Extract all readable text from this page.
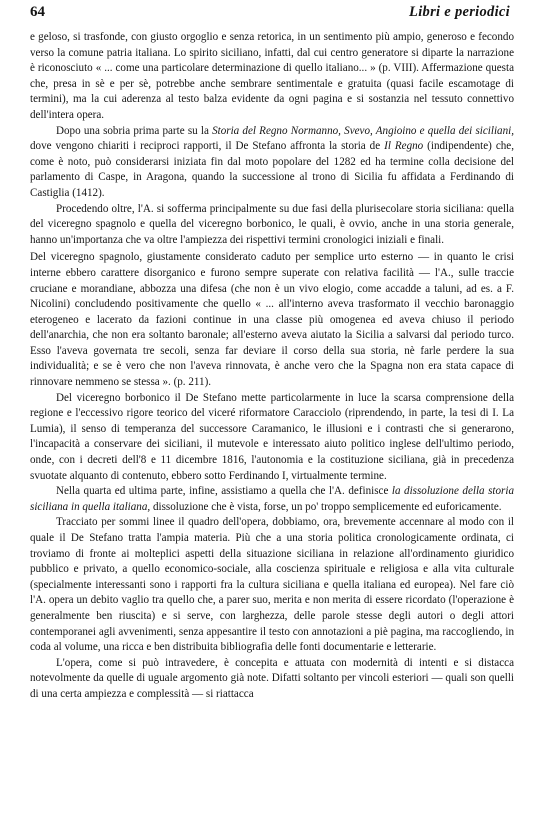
64	Libri e periodici

e geloso, si trasfonde, con giusto orgoglio e senza retorica, in un sentimento più ampio, generoso e fecondo verso la comune patria italiana. Lo spirito siciliano, infatti, dal cui centro generatore si diparte la narrazione è riconosciuto « ... come una particolare determinazione di quello italiano... » (p. VIII). Affermazione questa che, presa in sè e per sè, potrebbe anche sembrare sentimentale e gratuita (quasi facile escamotage di termini), ma la cui aderenza al testo balza evidente da ogni pagina e si sostanzia nel tessuto connettivo dell'intera opera.

Dopo una sobria prima parte su la Storia del Regno Normanno, Svevo, Angioino e quella dei siciliani, dove vengono chiariti i reciproci rapporti, il De Stefano affronta la storia de Il Regno (indipendente) che, come è noto, può considerarsi iniziata fin dal moto popolare del 1282 ed ha termine colla decisione del parlamento di Caspe, in Aragona, quando la successione al trono di Sicilia fu affidata a Ferdinando di Castiglia (1412).

Procedendo oltre, l'A. si sofferma principalmente su due fasi della plurisecolare storia siciliana: quella del viceregno spagnolo e quella del viceregno borbonico, le quali, è ovvio, anche in una storia generale, hanno un'importanza che va oltre l'ampiezza dei rispettivi termini cronologici iniziali e finali.

Del viceregno spagnolo, giustamente considerato caduto per semplice urto esterno — in quanto le crisi interne ebbero carattere disorganico e furono sempre superate con relativa facilità — l'A., sulle traccie cruciane e morandiane, abbozza una difesa (che non è un vivo elogio, come accadde a taluni, ad es. a F. Nicolini) concludendo positivamente che quello « ... all'interno aveva trasformato il vecchio baronaggio eterogeneo e lacerato da fazioni continue in una classe più omogenea ed aveva chiuso il periodo dell'anarchia, che non era soltanto baronale; all'esterno aveva aiutato la Sicilia a salvarsi dal periodo turco. Esso l'aveva governata tre secoli, senza far deviare il corso della sua storia, nè farle perdere la sua individualità; e se è vero che non l'aveva rinnovata, è anche vero che la Spagna non era stata capace di rinnovare nemmeno se stessa ». (p. 211).

Del viceregno borbonico il De Stefano mette particolarmente in luce la scarsa comprensione della regione e l'eccessivo rigore teorico del viceré riformatore Caracciolo (riprendendo, in parte, la tesi di I. La Lumia), il senso di temperanza del successore Caramanico, le illusioni e i contrasti che si generarono, l'incapacità a conservare dei siciliani, il mutevole e interessato aiuto politico inglese dell'ultimo periodo, onde, con i decreti dell'8 e 11 dicembre 1816, l'autonomia e la costituzione siciliana, già in precedenza svuotate alquanto di contenuto, ebbero sotto Ferdinando I, virtualmente termine.

Nella quarta ed ultima parte, infine, assistiamo a quella che l'A. definisce la dissoluzione della storia siciliana in quella italiana, dissoluzione che è vista, forse, un po' troppo semplicemente ed euforicamente.

Tracciato per sommi linee il quadro dell'opera, dobbiamo, ora, brevemente accennare al modo con il quale il De Stefano tratta l'ampia materia. Più che a una storia politica cronologicamente ordinata, ci troviamo di fronte ai molteplici aspetti della situazione siciliana in relazione all'ordinamento giuridico pubblico e privato, a quello economico-sociale, alla coscienza spirituale e religiosa e alla vita culturale (specialmente interessanti sono i rapporti fra la cultura siciliana e quella italiana ed europea). Nel fare ciò l'A. opera un debito vaglio tra quello che, a parer suo, merita e non merita di essere ricordato (l'operazione è generalmente ben riuscita) e si serve, con larghezza, delle parole stesse degli autori o degli attori contemporanei agli avvenimenti, senza appesantire il testo con annotazioni a piè pagina, ma raccogliendo, in coda al volume, una ricca e ben distribuita bibliografia delle fonti documentarie e letterarie.

L'opera, come si può intravedere, è concepita e attuata con modernità di intenti e si distacca notevolmente da quelle di uguale argomento già note. Difatti soltanto per vincoli esteriori — quali son quelli di una certa ampiezza e complessità — si riattacca
